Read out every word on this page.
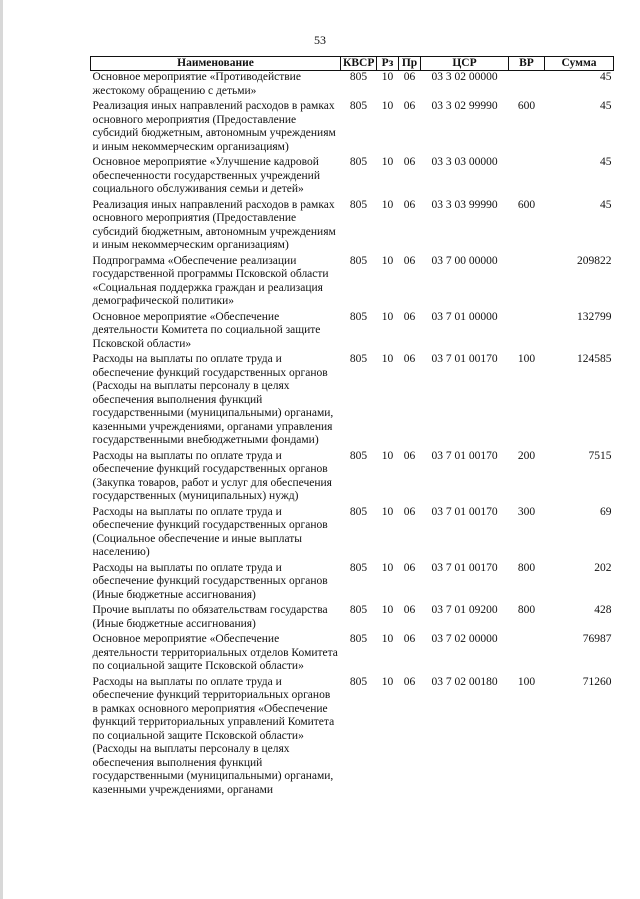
53
Наименование	КВСР	Рз	Пр	ЦСР	ВР	Сумма
Основное мероприятие «Противодействие жестокому обращению с детьми»	805	10	06	03 3 02 00000		45
Реализация иных направлений расходов в рамках основного мероприятия (Предоставление субсидий бюджетным, автономным учреждениям и иным некоммерческим организациям)	805	10	06	03 3 02 99990	600	45
Основное мероприятие «Улучшение кадровой обеспеченности государственных учреждений социального обслуживания семьи и детей»	805	10	06	03 3 03 00000		45
Реализация иных направлений расходов в рамках основного мероприятия (Предоставление субсидий бюджетным, автономным учреждениям и иным некоммерческим организациям)	805	10	06	03 3 03 99990	600	45
Подпрограмма «Обеспечение реализации государственной программы Псковской области «Социальная поддержка граждан и реализация демографической политики»	805	10	06	03 7 00 00000		209822
Основное мероприятие «Обеспечение деятельности Комитета по социальной защите Псковской области»	805	10	06	03 7 01 00000		132799
Расходы на выплаты по оплате труда и обеспечение функций государственных органов (Расходы на выплаты персоналу в целях обеспечения выполнения функций государственными (муниципальными) органами, казенными учреждениями, органами управления государственными внебюджетными фондами)	805	10	06	03 7 01 00170	100	124585
Расходы на выплаты по оплате труда и обеспечение функций государственных органов (Закупка товаров, работ и услуг для обеспечения государственных (муниципальных) нужд)	805	10	06	03 7 01 00170	200	7515
Расходы на выплаты по оплате труда и обеспечение функций государственных органов (Социальное обеспечение и иные выплаты населению)	805	10	06	03 7 01 00170	300	69
Расходы на выплаты по оплате труда и обеспечение функций государственных органов (Иные бюджетные ассигнования)	805	10	06	03 7 01 00170	800	202
Прочие выплаты по обязательствам государства (Иные бюджетные ассигнования)	805	10	06	03 7 01 09200	800	428
Основное мероприятие «Обеспечение деятельности территориальных отделов Комитета по социальной защите Псковской области»	805	10	06	03 7 02 00000		76987
Расходы на выплаты по оплате труда и обеспечение функций территориальных органов в рамках основного мероприятия «Обеспечение функций территориальных управлений Комитета по социальной защите Псковской области» (Расходы на выплаты персоналу в целях обеспечения выполнения функций государственными (муниципальными) органами, казенными учреждениями, органами	805	10	06	03 7 02 00180	100	71260
